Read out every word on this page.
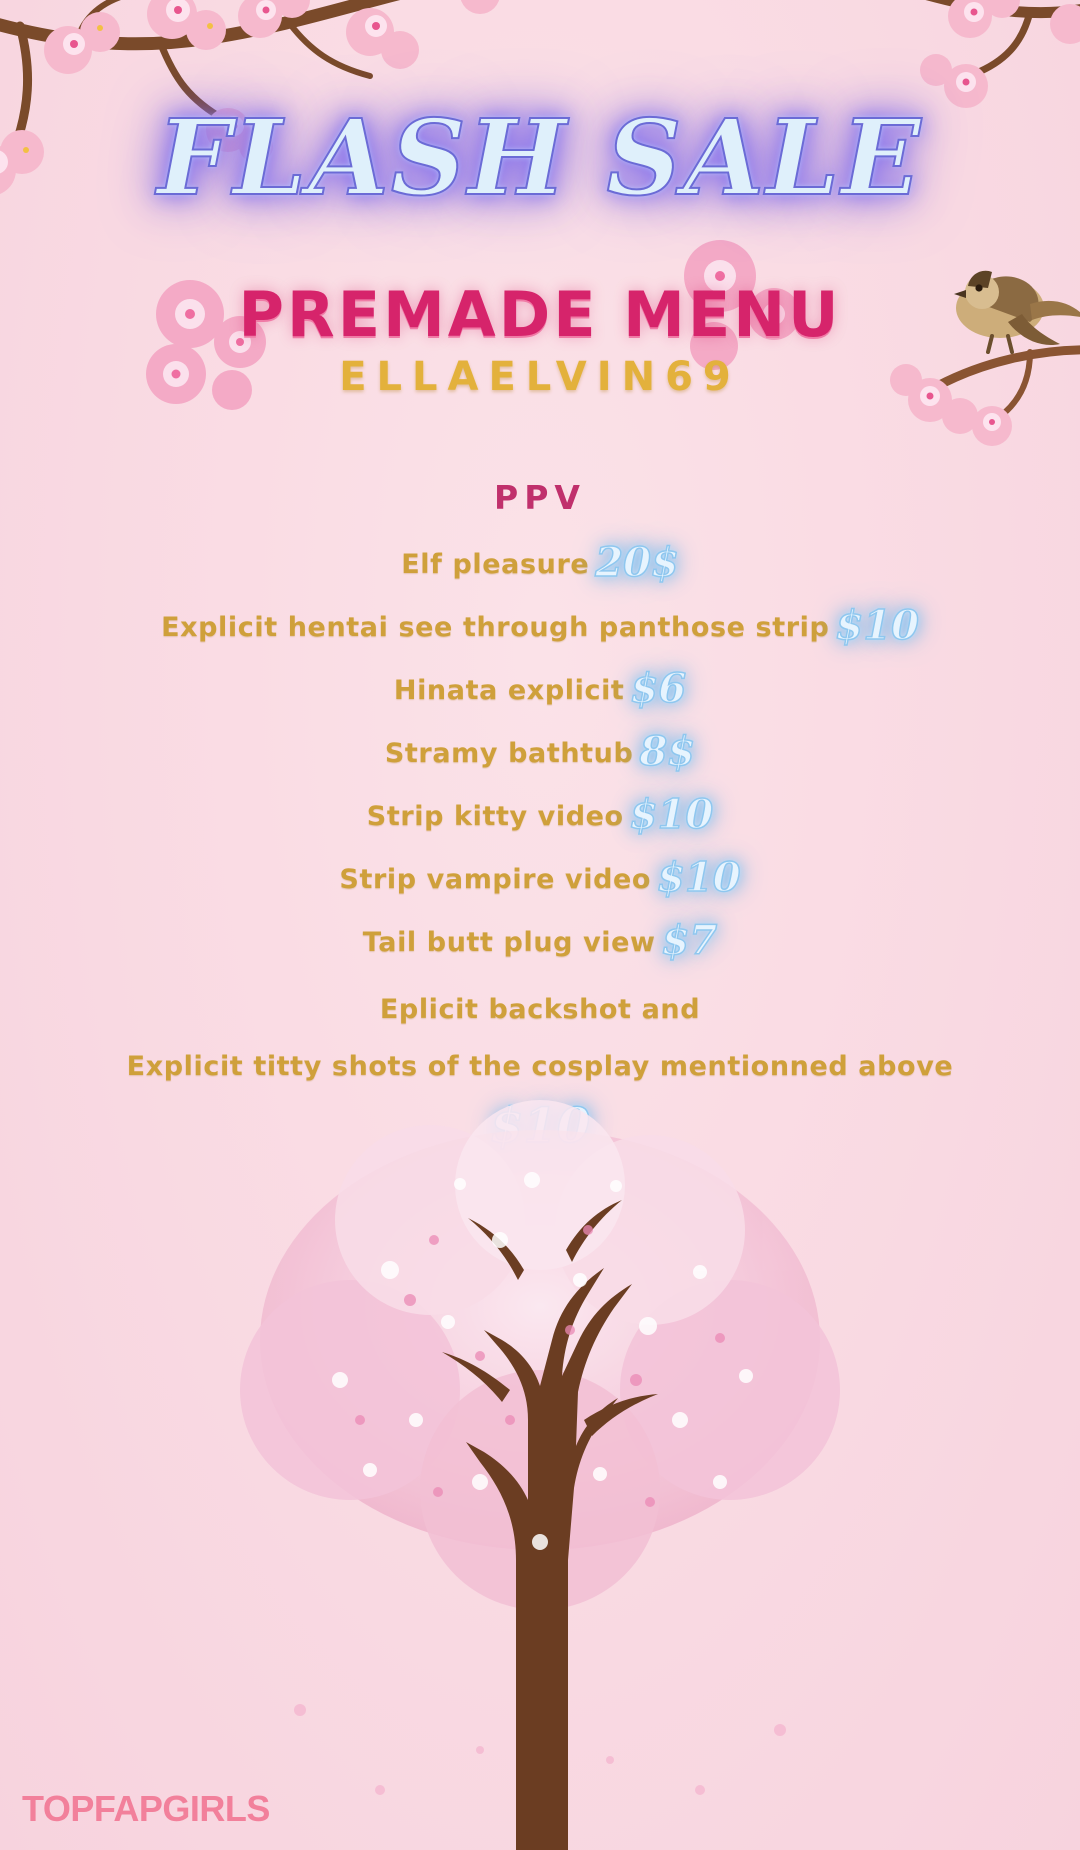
FLASH SALE
PREMADE MENU
ELLAELVIN69
PPV
Elf pleasure 20$
Explicit hentai see through panthose strip $10
Hinata explicit $6
Stramy bathtub 8$
Strip kitty video $10
Strip vampire video $10
Tail butt plug view $7
Eplicit backshot and
Explicit titty shots of the cosplay mentionned above
TOPFAPGIRLS
